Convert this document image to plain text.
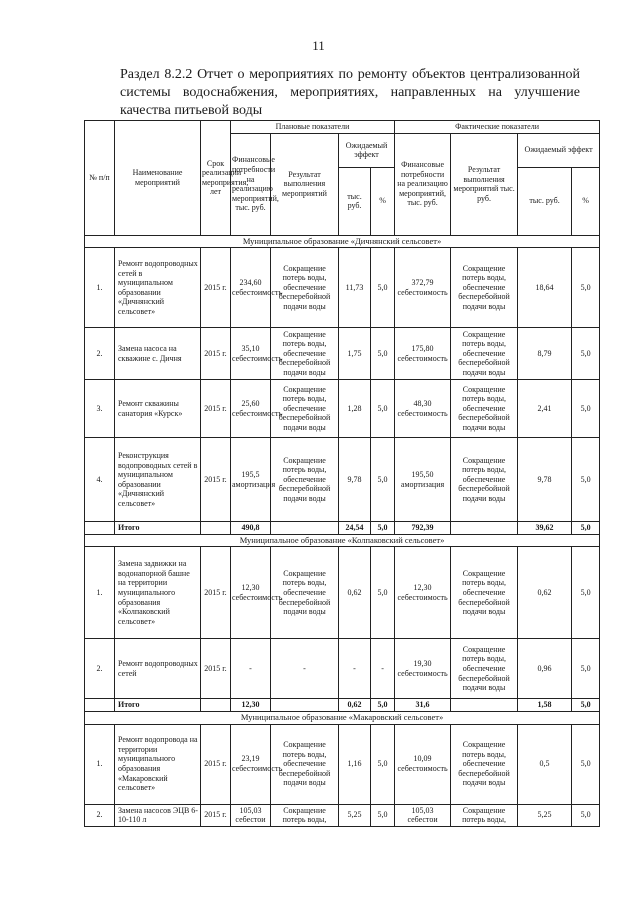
11
Раздел 8.2.2 Отчет о мероприятиях по ремонту объектов централизованной системы водоснабжения, мероприятиях, направленных на улучшение качества питьевой воды
№ п/п	Наименование мероприятий	Срок реализации мероприятия, лет	Плановые показатели				Фактические показатели			
			Финансовые потребности на реализацию мероприятий, тыс. руб.	Результат выполнения мероприятий	Ожидаемый эффект		Финансовые потребности на реализацию мероприятий, тыс. руб.	Результат выполнения мероприятий тыс. руб.	Ожидаемый эффект	
					тыс. руб.	%			тыс. руб.	%
Муниципальное образование «Дичнянский сельсовет»										
1.	Ремонт водопроводных сетей в муниципальном образовании «Дичнянский сельсовет»	2015 г.	234,60 себестоимость	Сокращение потерь воды, обеспечение бесперебойной подачи воды	11,73	5,0	372,79 себестоимость	Сокращение потерь воды, обеспечение бесперебойной подачи воды	18,64	5,0
2.	Замена насоса на скважине с. Дичня	2015 г.	35,10 себестоимость	Сокращение потерь воды, обеспечение бесперебойной подачи воды	1,75	5,0	175,80 себестоимость	Сокращение потерь воды, обеспечение бесперебойной подачи воды	8,79	5,0
3.	Ремонт скважины санатория «Курск»	2015 г.	25,60 себестоимость	Сокращение потерь воды, обеспечение бесперебойной подачи воды	1,28	5,0	48,30 себестоимость	Сокращение потерь воды, обеспечение бесперебойной подачи воды	2,41	5,0
4.	Реконструкция водопроводных сетей в муниципальном образовании «Дичнянский сельсовет»	2015 г.	195,5 амортизация	Сокращение потерь воды, обеспечение бесперебойной подачи воды	9,78	5,0	195,50 амортизация	Сокращение потерь воды, обеспечение бесперебойной подачи воды	9,78	5,0
	Итого		490,8		24,54	5,0	792,39		39,62	5,0
Муниципальное образование «Колпаковский сельсовет»										
1.	Замена задвижки на водонапорной башне на территории муниципального образования «Колпаковский сельсовет»	2015 г.	12,30 себестоимость	Сокращение потерь воды, обеспечение бесперебойной подачи воды	0,62	5,0	12,30 себестоимость	Сокращение потерь воды, обеспечение бесперебойной подачи воды	0,62	5,0
2.	Ремонт водопроводных сетей	2015 г.	-	-	-	-	19,30 себестоимость	Сокращение потерь воды, обеспечение бесперебойной подачи воды	0,96	5,0
	Итого		12,30		0,62	5,0	31,6		1,58	5,0
Муниципальное образование «Макаровский сельсовет»										
1.	Ремонт водопровода на территории муниципального образования «Макаровский сельсовет»	2015 г.	23,19 себестоимость	Сокращение потерь воды, обеспечение бесперебойной подачи воды	1,16	5,0	10,09 себестоимость	Сокращение потерь воды, обеспечение бесперебойной подачи воды	0,5	5,0
2.	Замена насосов ЭЦВ 6-10-110 л	2015 г.	105,03 себестои	Сокращение потерь воды,	5,25	5,0	105,03 себестои	Сокращение потерь воды,	5,25	5,0
